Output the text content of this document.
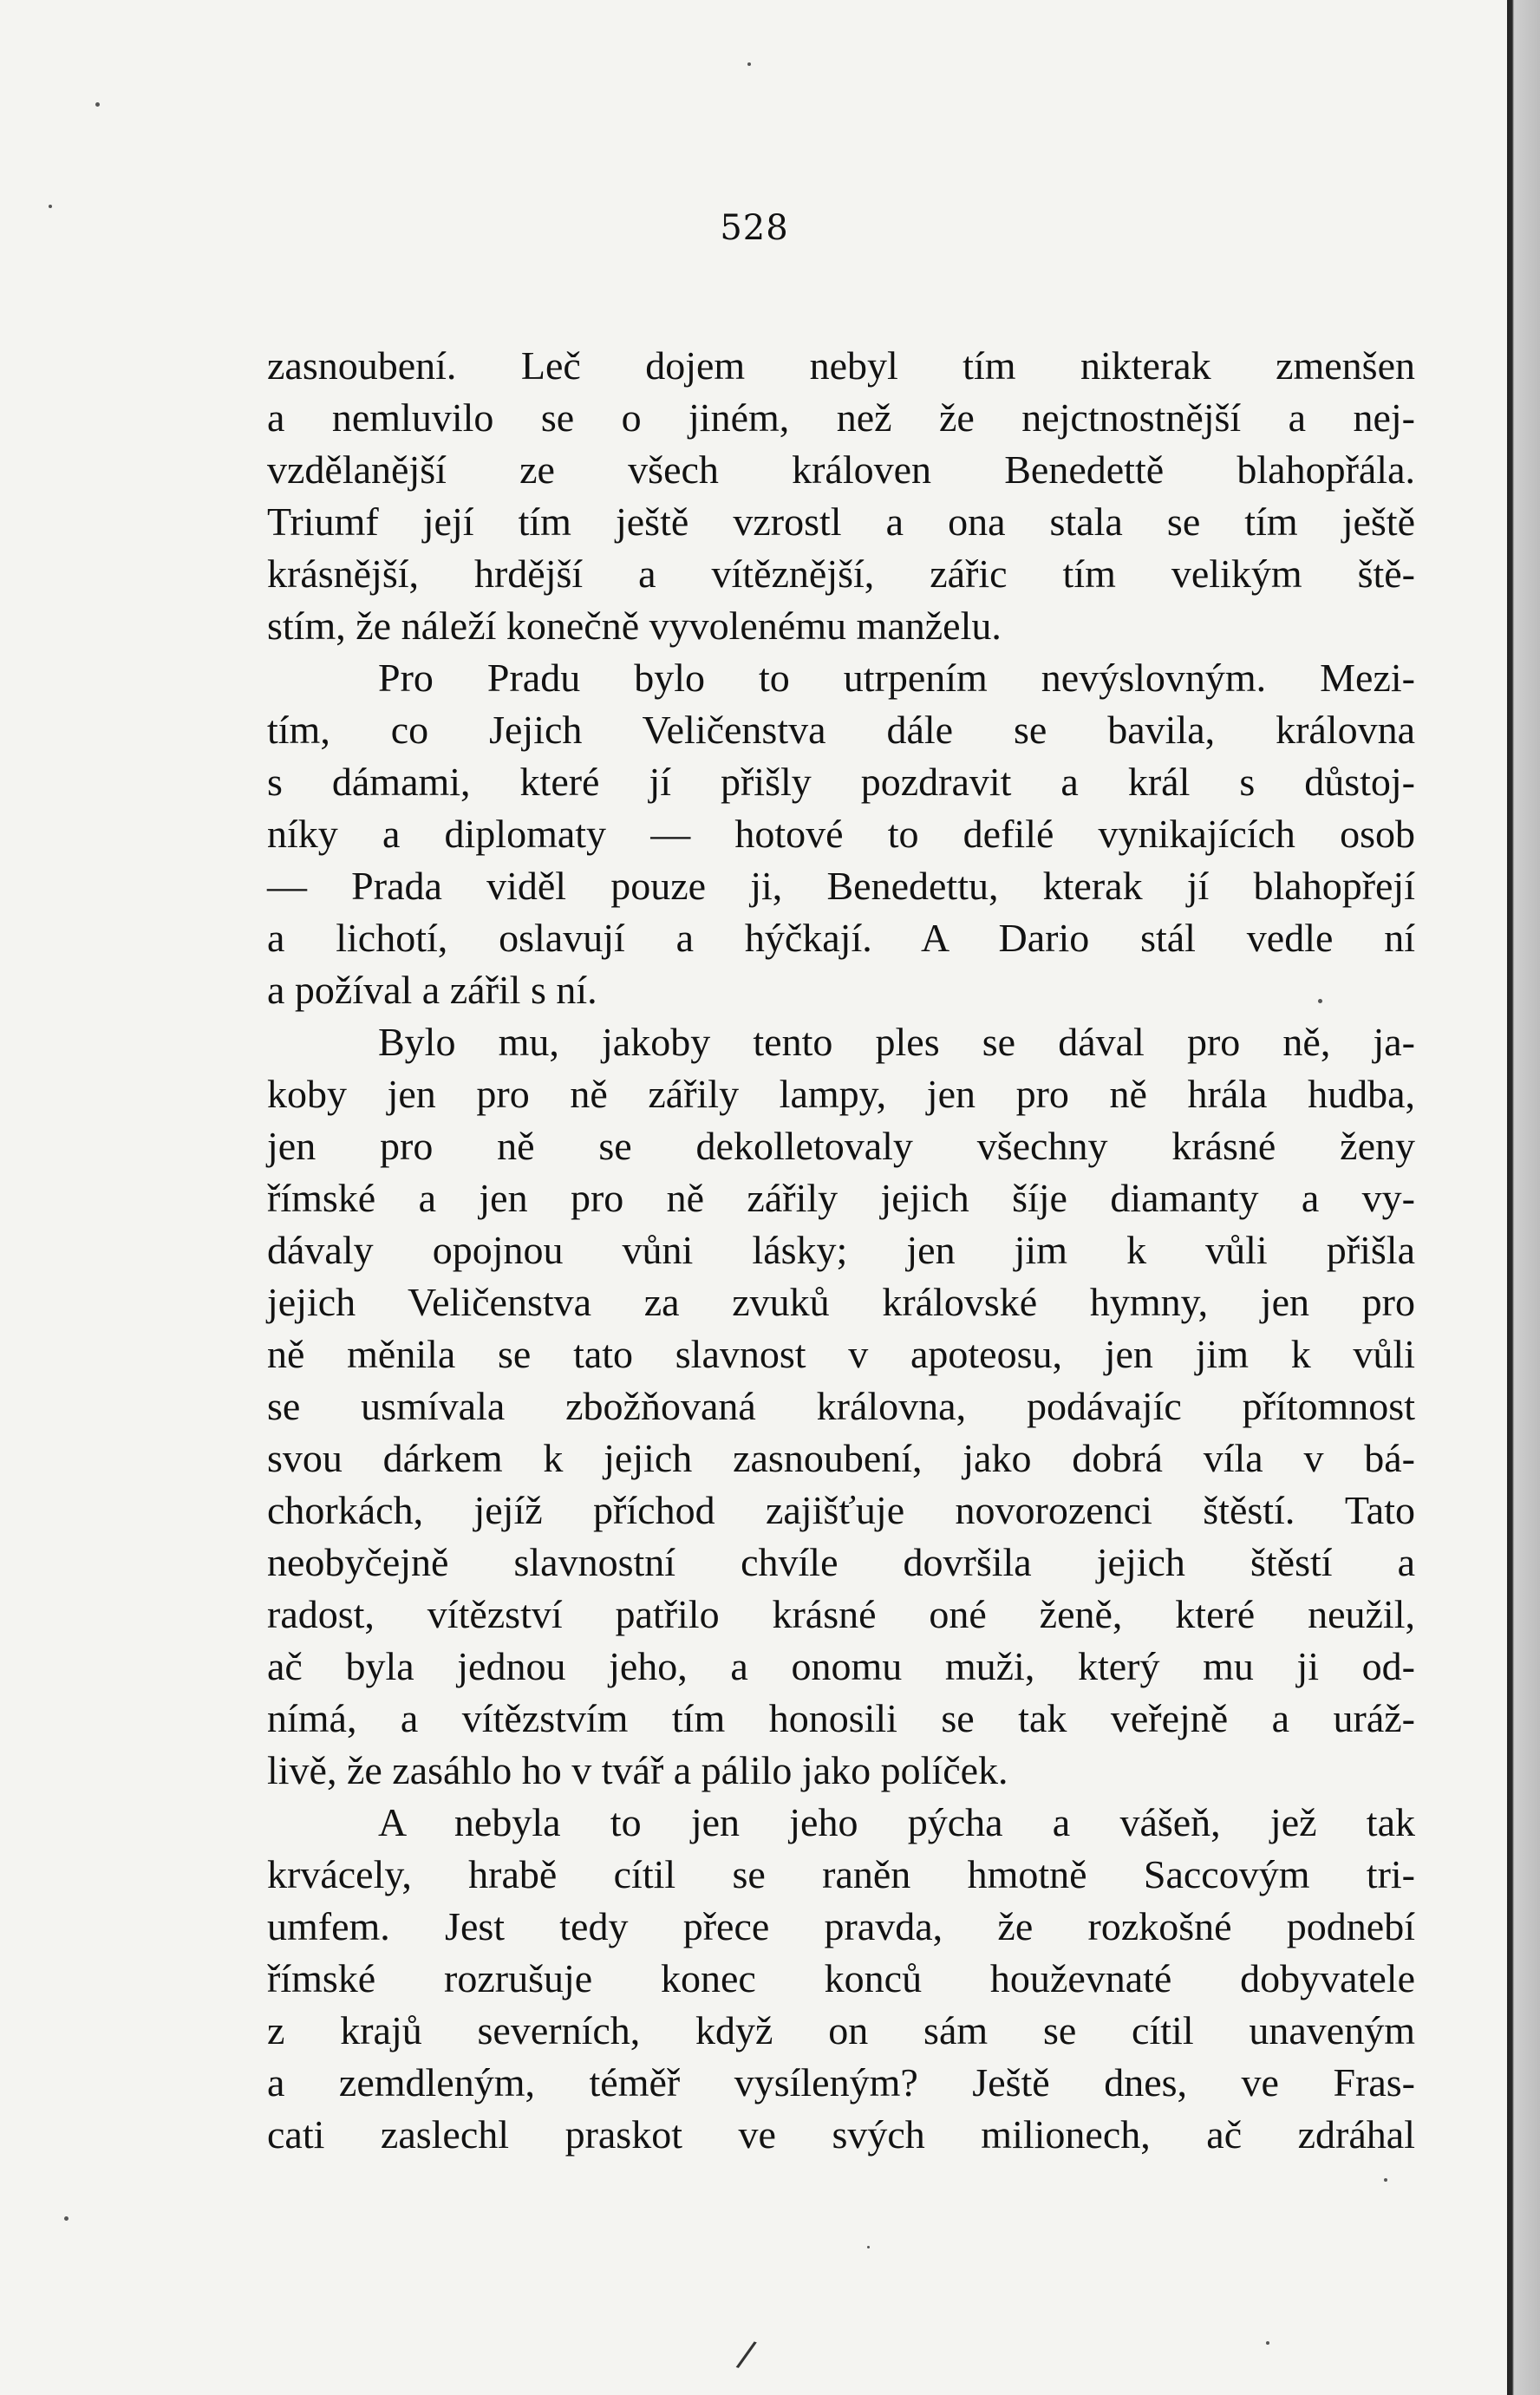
528
zasnoubení. Leč dojem nebyl tím nikterak zmenšen
a nemluvilo se o jiném, než že nejctnostnější a nej-
vzdělanější ze všech královen Benedettě blahopřála.
Triumf její tím ještě vzrostl a ona stala se tím ještě
krásnější, hrdější a vítěznější, zářic tím velikým ště-
stím, že náleží konečně vyvolenému manželu.
Pro Pradu bylo to utrpením nevýslovným. Mezi-
tím, co Jejich Veličenstva dále se bavila, královna
s dámami, které jí přišly pozdravit a král s důstoj-
níky a diplomaty — hotové to defilé vynikajících osob
— Prada viděl pouze ji, Benedettu, kterak jí blahopřejí
a lichotí, oslavují a hýčkají. A Dario stál vedle ní
a požíval a zářil s ní.
Bylo mu, jakoby tento ples se dával pro ně, ja-
koby jen pro ně zářily lampy, jen pro ně hrála hudba,
jen pro ně se dekolletovaly všechny krásné ženy
římské a jen pro ně zářily jejich šíje diamanty a vy-
dávaly opojnou vůni lásky; jen jim k vůli přišla
jejich Veličenstva za zvuků královské hymny, jen pro
ně měnila se tato slavnost v apoteosu, jen jim k vůli
se usmívala zbožňovaná královna, podávajíc přítomnost
svou dárkem k jejich zasnoubení, jako dobrá víla v bá-
chorkách, jejíž příchod zajišťuje novorozenci štěstí. Tato
neobyčejně slavnostní chvíle dovršila jejich štěstí a
radost, vítězství patřilo krásné oné ženě, které neužil,
ač byla jednou jeho, a onomu muži, který mu ji od-
nímá, a vítězstvím tím honosili se tak veřejně a uráž-
livě, že zasáhlo ho v tvář a pálilo jako políček.
A nebyla to jen jeho pýcha a vášeň, jež tak
krvácely, hrabě cítil se raněn hmotně Saccovým tri-
umfem. Jest tedy přece pravda, že rozkošné podnebí
římské rozrušuje konec konců houževnaté dobyvatele
z krajů severních, když on sám se cítil unaveným
a zemdleným, téměř vysíleným? Ještě dnes, ve Fras-
cati zaslechl praskot ve svých milionech, ač zdráhal
/
